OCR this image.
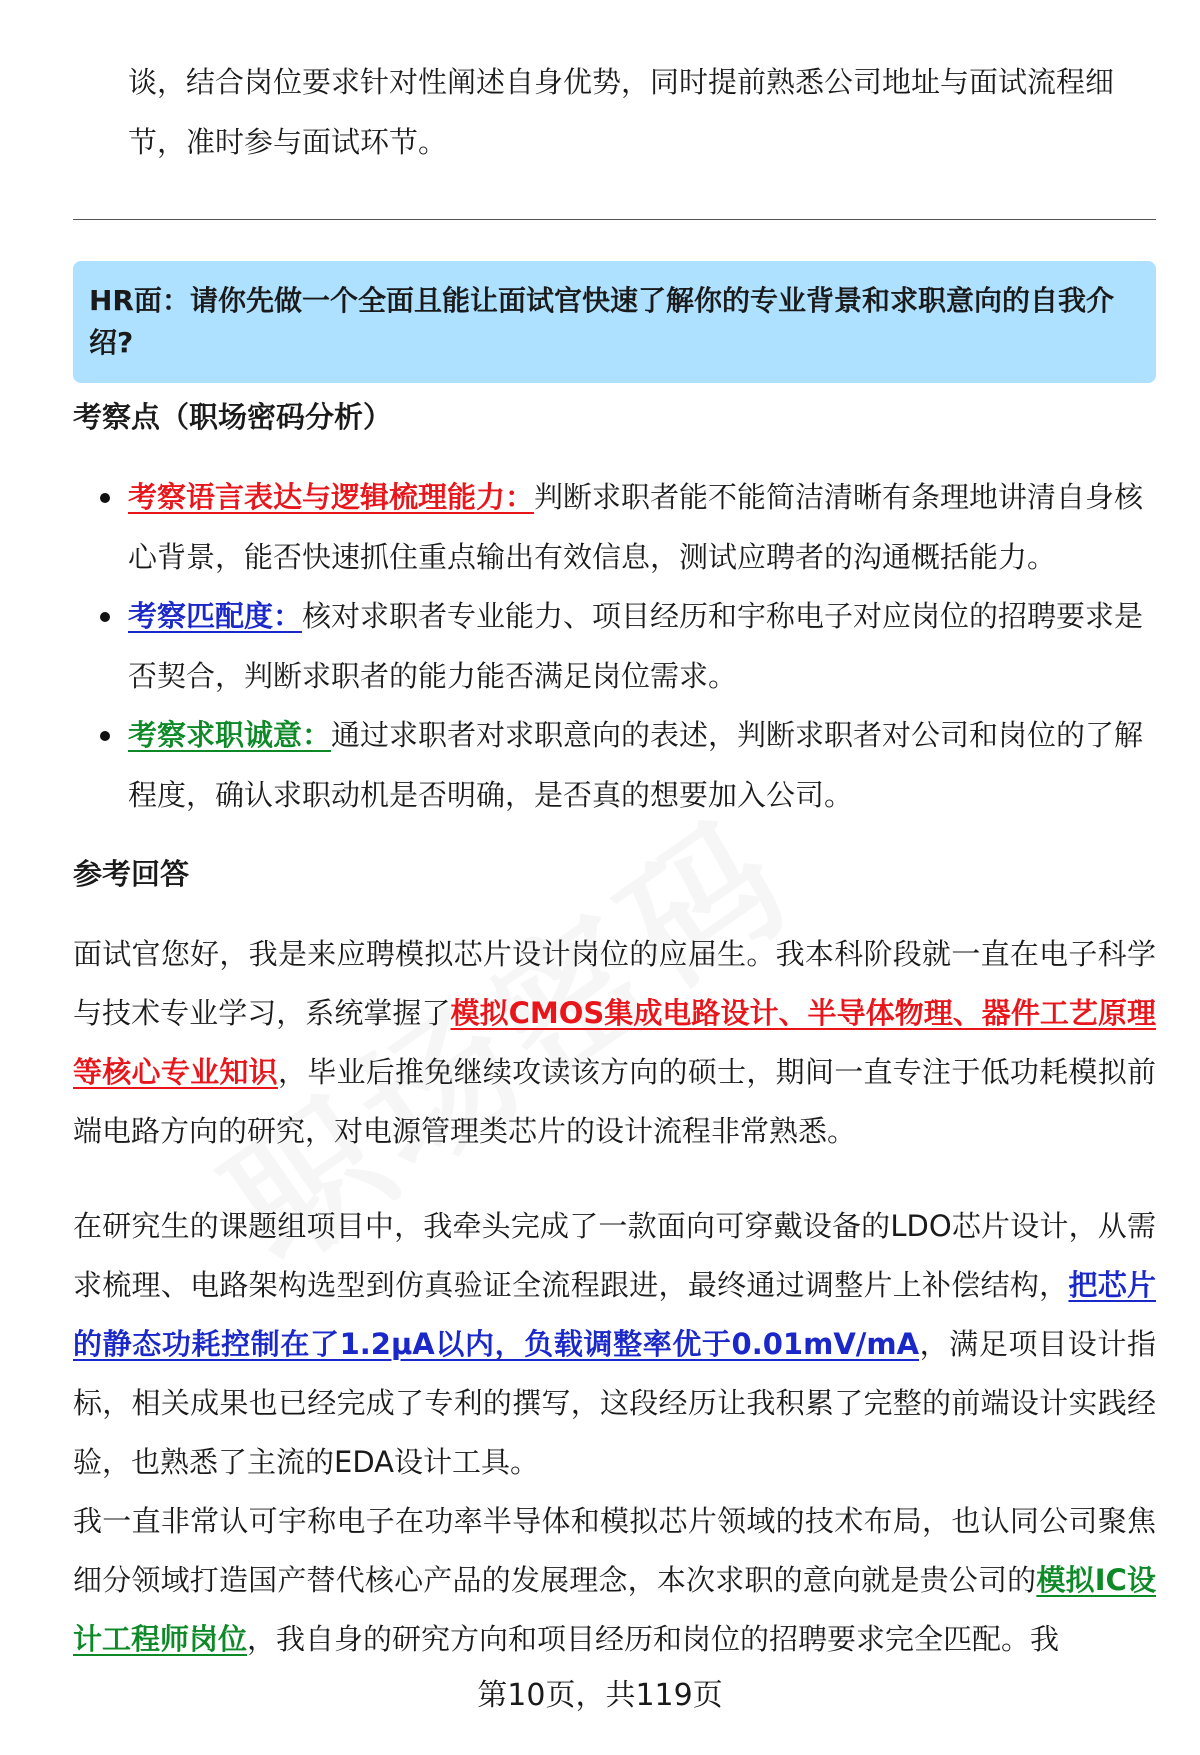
谈，结合岗位要求针对性阐述自身优势，同时提前熟悉公司地址与面试流程细节，准时参与面试环节。

HR面：请你先做一个全面且能让面试官快速了解你的专业背景和求职意向的自我介绍?
考察点（职场密码分析）
考察语言表达与逻辑梳理能力：判断求职者能不能简洁清晰有条理地讲清自身核心背景，能否快速抓住重点输出有效信息，测试应聘者的沟通概括能力。
考察匹配度：核对求职者专业能力、项目经历和宇称电子对应岗位的招聘要求是否契合，判断求职者的能力能否满足岗位需求。
考察求职诚意：通过求职者对求职意向的表述，判断求职者对公司和岗位的了解程度，确认求职动机是否明确，是否真的想要加入公司。
参考回答

面试官您好，我是来应聘模拟芯片设计岗位的应届生。我本科阶段就一直在电子科学与技术专业学习，系统掌握了模拟CMOS集成电路设计、半导体物理、器件工艺原理等核心专业知识，毕业后推免继续攻读该方向的硕士，期间一直专注于低功耗模拟前端电路方向的研究，对电源管理类芯片的设计流程非常熟悉。

在研究生的课题组项目中，我牵头完成了一款面向可穿戴设备的LDO芯片设计，从需求梳理、电路架构选型到仿真验证全流程跟进，最终通过调整片上补偿结构，把芯片的静态功耗控制在了1.2μA以内，负载调整率优于0.01mV/mA，满足项目设计指标，相关成果也已经完成了专利的撰写，这段经历让我积累了完整的前端设计实践经验，也熟悉了主流的EDA设计工具。

我一直非常认可宇称电子在功率半导体和模拟芯片领域的技术布局，也认同公司聚焦细分领域打造国产替代核心产品的发展理念，本次求职的意向就是贵公司的模拟IC设计工程师岗位，我自身的研究方向和项目经历和岗位的招聘要求完全匹配。我

第10页，共119页
